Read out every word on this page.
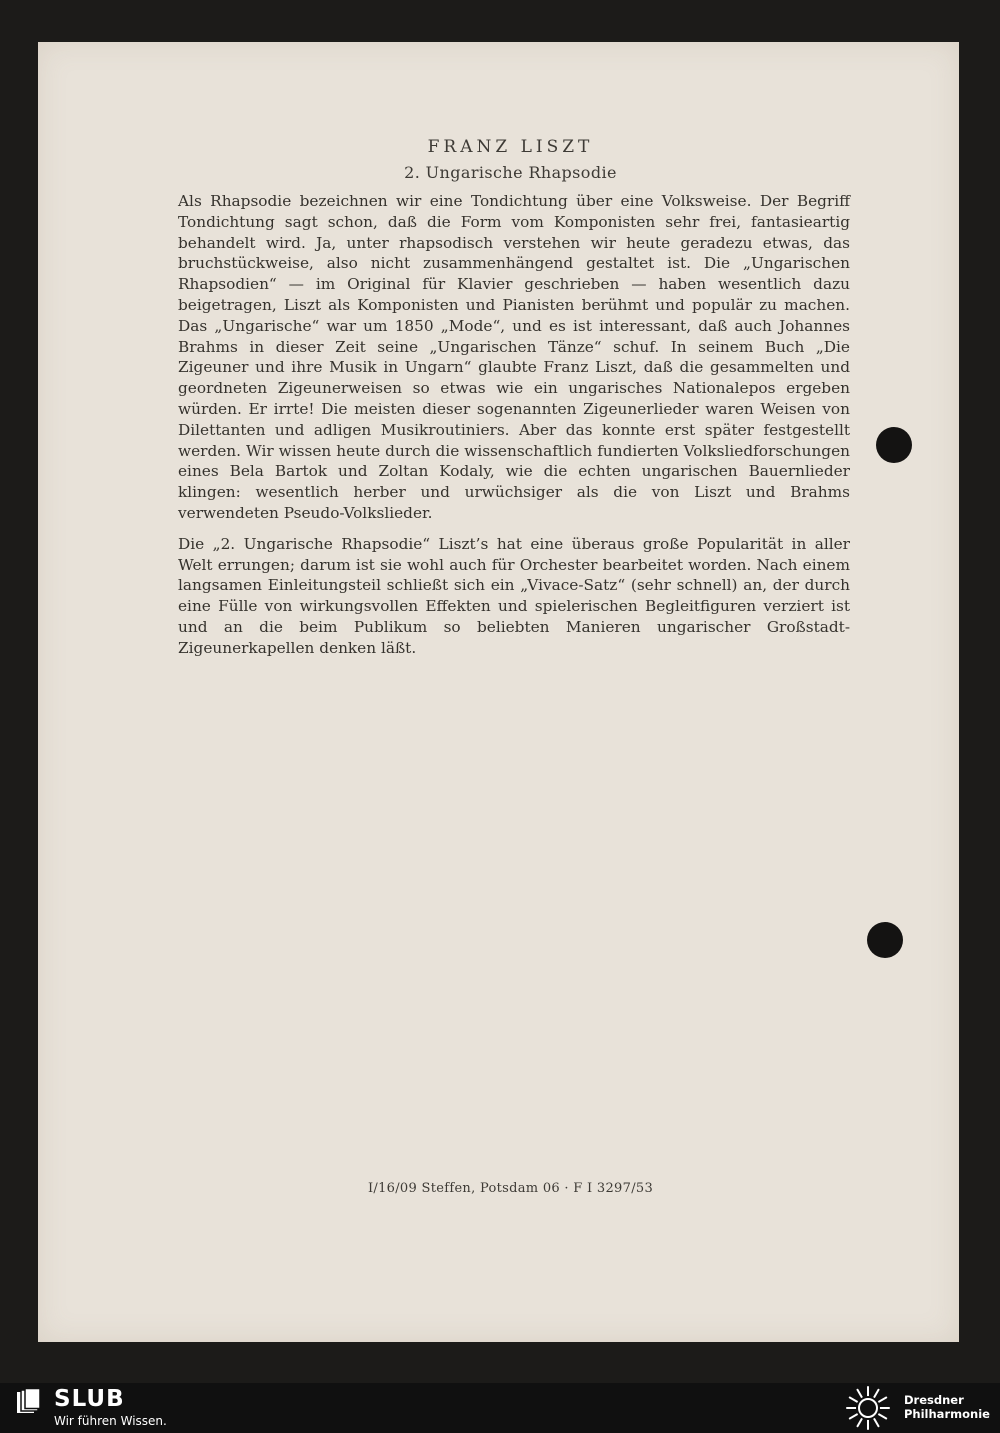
FRANZ LISZT
2. Ungarische Rhapsodie

Als Rhapsodie bezeichnen wir eine Tondichtung über eine Volksweise. Der Begriff Tondichtung sagt schon, daß die Form vom Komponisten sehr frei, fantasieartig behandelt wird. Ja, unter rhapsodisch verstehen wir heute geradezu etwas, das bruchstückweise, also nicht zusammenhängend gestaltet ist. Die „Ungarischen Rhapsodien“ — im Original für Klavier geschrieben — haben wesentlich dazu beigetragen, Liszt als Komponisten und Pianisten berühmt und populär zu machen. Das „Ungarische“ war um 1850 „Mode“, und es ist interessant, daß auch Johannes Brahms in dieser Zeit seine „Ungarischen Tänze“ schuf. In seinem Buch „Die Zigeuner und ihre Musik in Ungarn“ glaubte Franz Liszt, daß die gesammelten und geordneten Zigeunerweisen so etwas wie ein ungarisches Nationalepos ergeben würden. Er irrte! Die meisten dieser sogenannten Zigeunerlieder waren Weisen von Dilettanten und adligen Musikroutiniers. Aber das konnte erst später festgestellt werden. Wir wissen heute durch die wissenschaftlich fundierten Volksliedforschungen eines Bela Bartok und Zoltan Kodaly, wie die echten ungarischen Bauernlieder klingen: wesentlich herber und urwüchsiger als die von Liszt und Brahms verwendeten Pseudo-Volkslieder.

Die „2. Ungarische Rhapsodie“ Liszt’s hat eine überaus große Popularität in aller Welt errungen; darum ist sie wohl auch für Orchester bearbeitet worden. Nach einem langsamen Einleitungsteil schließt sich ein „Vivace-Satz“ (sehr schnell) an, der durch eine Fülle von wirkungsvollen Effekten und spielerischen Begleitfiguren verziert ist und an die beim Publikum so beliebten Manieren ungarischer Großstadt-Zigeunerkapellen denken läßt.

I/16/09 Steffen, Potsdam 06 · F I 3297/53
SLUB
Wir führen Wissen.
Dresdner
Philharmonie
